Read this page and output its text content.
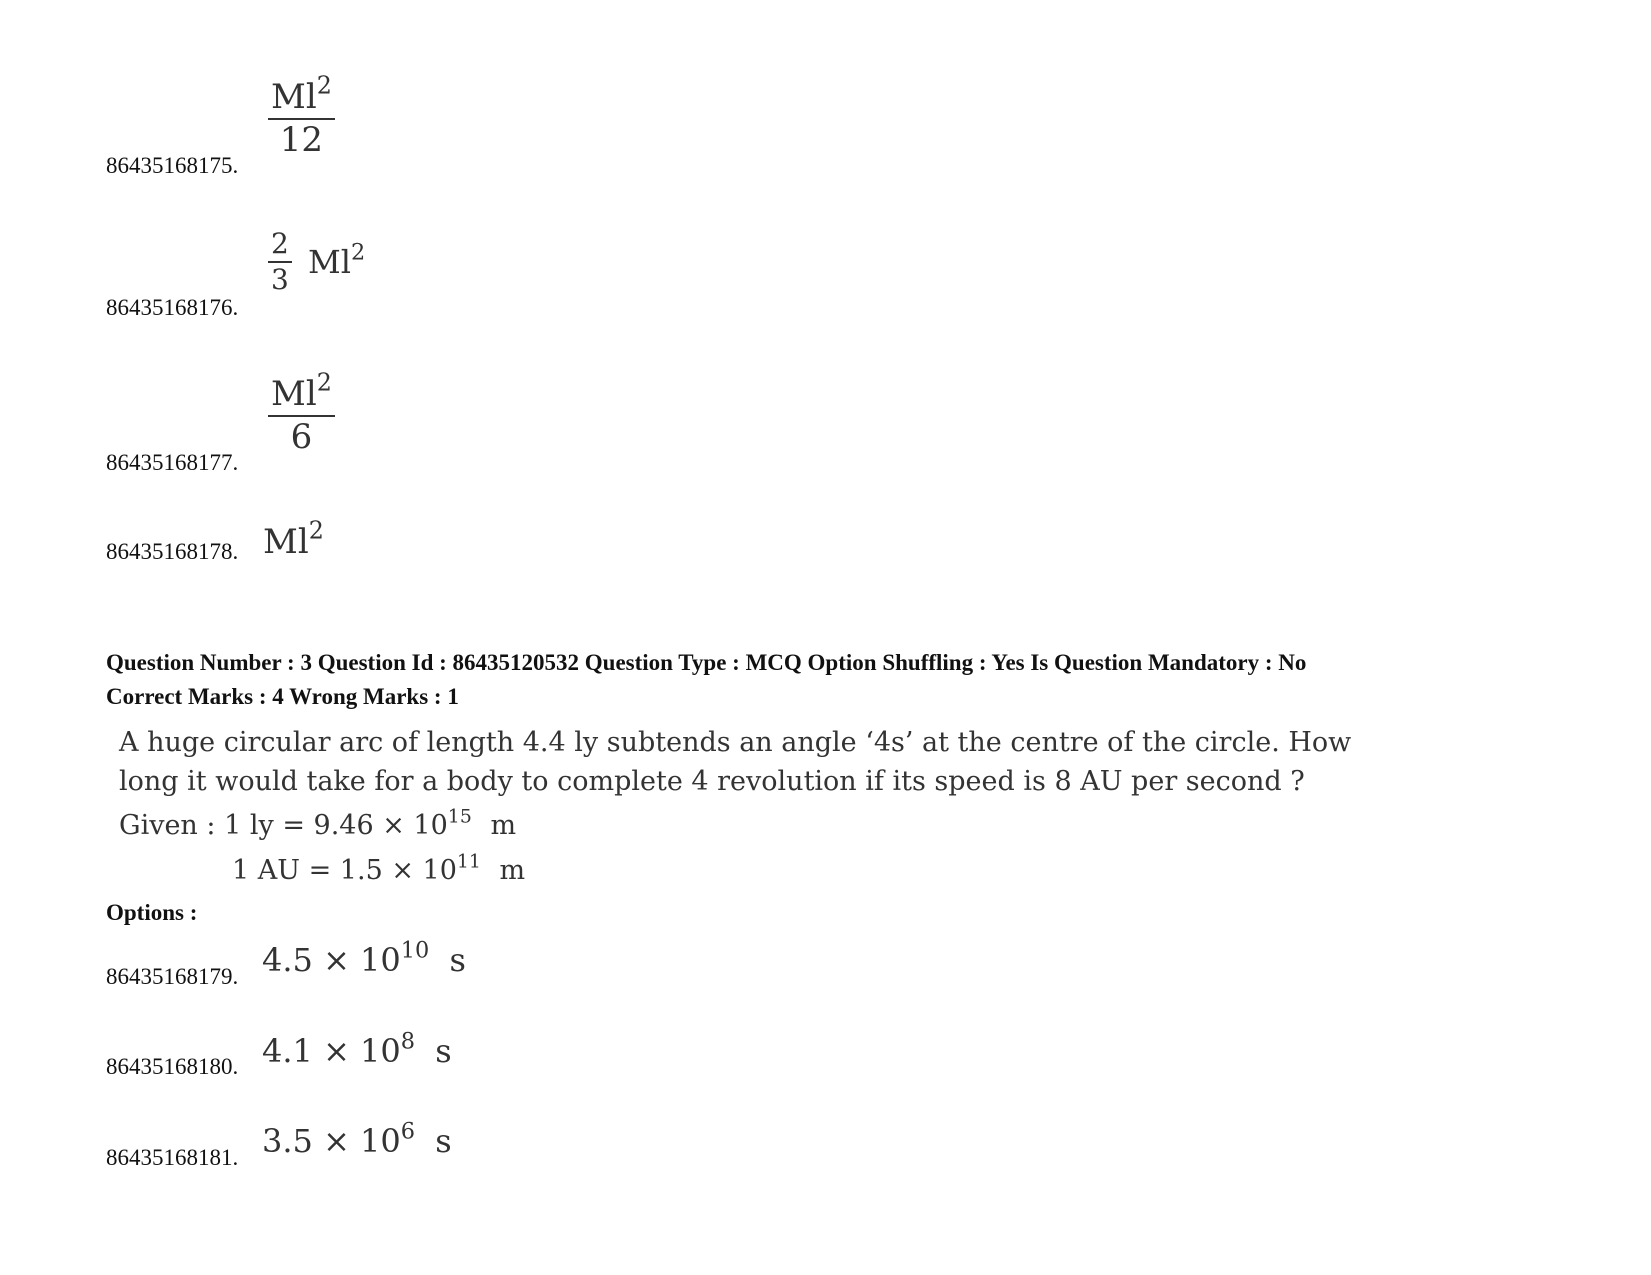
86435168175.
$\frac{Ml^2}{12}$
86435168176.
$\frac{2}{3} Ml^2$
86435168177.
$\frac{Ml^2}{6}$
86435168178. Ml$^2$
Question Number : 3 Question Id : 86435120532 Question Type : MCQ Option Shuffling : Yes Is Question Mandatory : No
Correct Marks : 4 Wrong Marks : 1
A huge circular arc of length 4.4 ly subtends an angle ‘4s’ at the centre of the circle. How
long it would take for a body to complete 4 revolution if its speed is 8 AU per second ?
Given : 1 ly = $9.46 \times 10^{15}$ m
1 AU = $1.5 \times 10^{11}$ m
Options :
86435168179. $4.5 \times 10^{10}$ s
86435168180. $4.1 \times 10^8$ s
86435168181. $3.5 \times 10^6$ s
